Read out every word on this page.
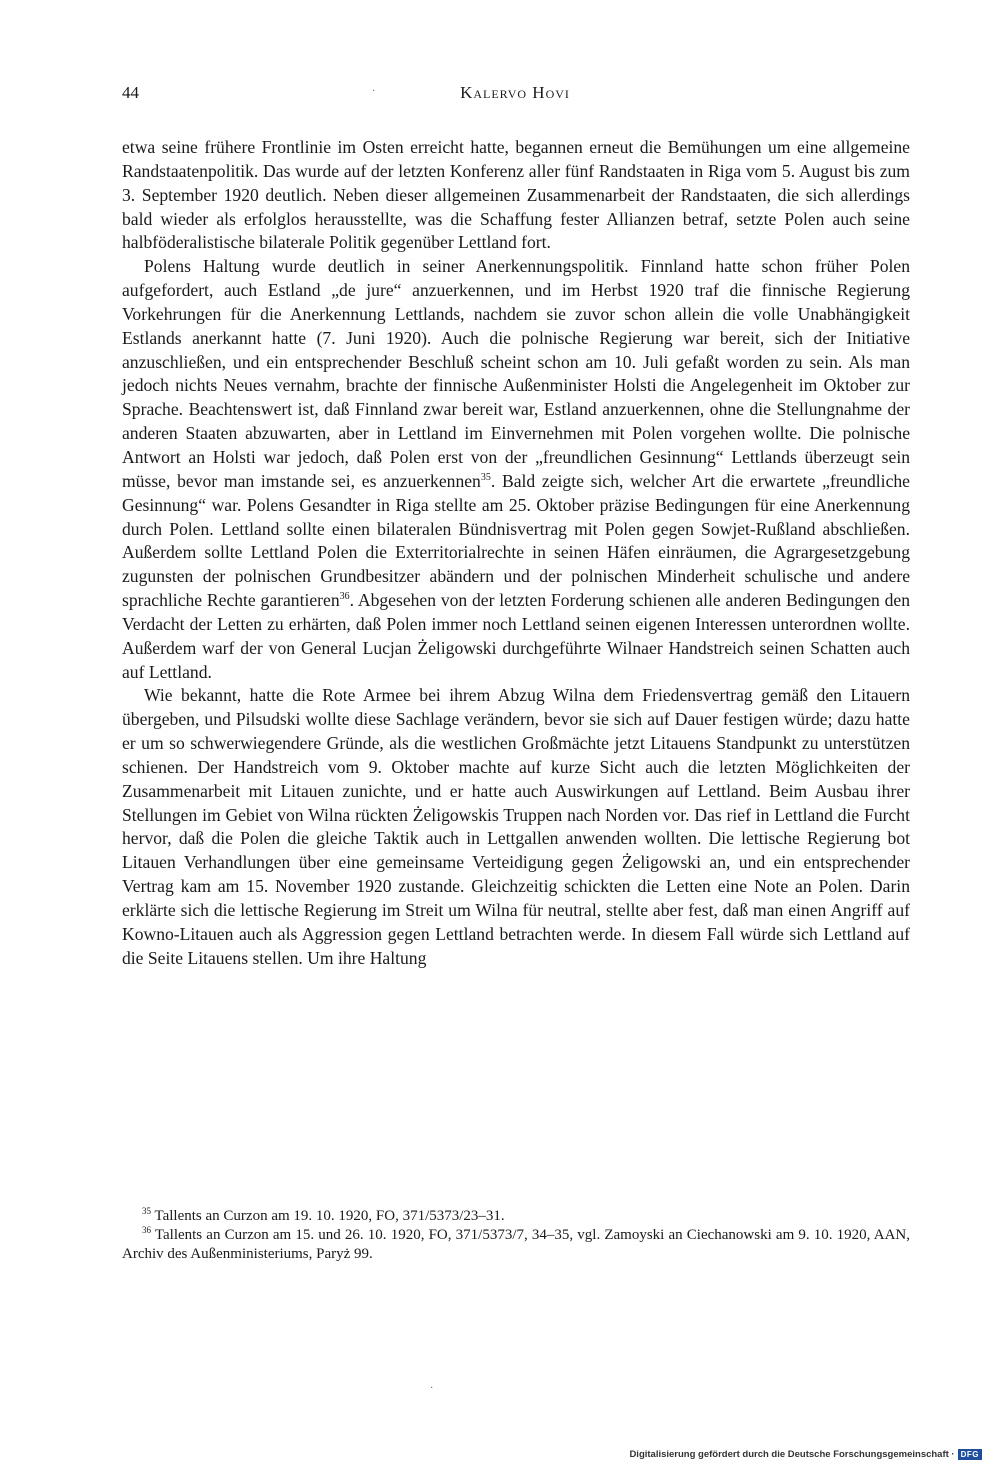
44	Kalervo Hovi
·

etwa seine frühere Frontlinie im Osten erreicht hatte, begannen erneut die Bemühungen um eine allgemeine Randstaatenpolitik. Das wurde auf der letzten Konferenz aller fünf Randstaaten in Riga vom 5. August bis zum 3. September 1920 deutlich. Neben dieser allgemeinen Zusammenarbeit der Randstaaten, die sich allerdings bald wieder als erfolglos herausstellte, was die Schaffung fester Allianzen betraf, setzte Polen auch seine halbföderalistische bilaterale Politik gegenüber Lettland fort.

Polens Haltung wurde deutlich in seiner Anerkennungspolitik. Finnland hatte schon früher Polen aufgefordert, auch Estland „de jure“ anzuerkennen, und im Herbst 1920 traf die finnische Regierung Vorkehrungen für die Anerkennung Lettlands, nachdem sie zuvor schon allein die volle Unabhängigkeit Estlands anerkannt hatte (7. Juni 1920). Auch die polnische Regierung war bereit, sich der Initiative anzuschließen, und ein entsprechender Beschluß scheint schon am 10. Juli gefaßt worden zu sein. Als man jedoch nichts Neues vernahm, brachte der finnische Außenminister Holsti die Angelegenheit im Oktober zur Sprache. Beachtenswert ist, daß Finnland zwar bereit war, Estland anzuerkennen, ohne die Stellungnahme der anderen Staaten abzuwarten, aber in Lettland im Einvernehmen mit Polen vorgehen wollte. Die polnische Antwort an Holsti war jedoch, daß Polen erst von der „freundlichen Gesinnung“ Lettlands überzeugt sein müsse, bevor man imstande sei, es anzuerkennen$^{35}$. Bald zeigte sich, welcher Art die erwartete „freundliche Gesinnung“ war. Polens Gesandter in Riga stellte am 25. Oktober präzise Bedingungen für eine Anerkennung durch Polen. Lettland sollte einen bilateralen Bündnisvertrag mit Polen gegen Sowjet-Rußland abschließen. Außerdem sollte Lettland Polen die Exterritorialrechte in seinen Häfen einräumen, die Agrargesetzgebung zugunsten der polnischen Grundbesitzer abändern und der polnischen Minderheit schulische und andere sprachliche Rechte garantieren$^{36}$. Abgesehen von der letzten Forderung schienen alle anderen Bedingungen den Verdacht der Letten zu erhärten, daß Polen immer noch Lettland seinen eigenen Interessen unterordnen wollte. Außerdem warf der von General Lucjan Żeligowski durchgeführte Wilnaer Handstreich seinen Schatten auch auf Lettland.

Wie bekannt, hatte die Rote Armee bei ihrem Abzug Wilna dem Friedensvertrag gemäß den Litauern übergeben, und Pilsudski wollte diese Sachlage verändern, bevor sie sich auf Dauer festigen würde; dazu hatte er um so schwerwiegendere Gründe, als die westlichen Großmächte jetzt Litauens Standpunkt zu unterstützen schienen. Der Handstreich vom 9. Oktober machte auf kurze Sicht auch die letzten Möglichkeiten der Zusammenarbeit mit Litauen zunichte, und er hatte auch Auswirkungen auf Lettland. Beim Ausbau ihrer Stellungen im Gebiet von Wilna rückten Żeligowskis Truppen nach Norden vor. Das rief in Lettland die Furcht hervor, daß die Polen die gleiche Taktik auch in Lettgallen anwenden wollten. Die lettische Regierung bot Litauen Verhandlungen über eine gemeinsame Verteidigung gegen Żeligowski an, und ein entsprechender Vertrag kam am 15. November 1920 zustande. Gleichzeitig schickten die Letten eine Note an Polen. Darin erklärte sich die lettische Regierung im Streit um Wilna für neutral, stellte aber fest, daß man einen Angriff auf Kowno-Litauen auch als Aggression gegen Lettland betrachten werde. In diesem Fall würde sich Lettland auf die Seite Litauens stellen. Um ihre Haltung

$^{35}$ Tallents an Curzon am 19. 10. 1920, FO, 371/5373/23–31.

$^{36}$ Tallents an Curzon am 15. und 26. 10. 1920, FO, 371/5373/7, 34–35, vgl. Zamoyski an Ciechanowski am 9. 10. 1920, AAN, Archiv des Außenministeriums, Paryż 99.

·
Digitalisierung gefördert durch die Deutsche Forschungsgemeinschaft · DFG
